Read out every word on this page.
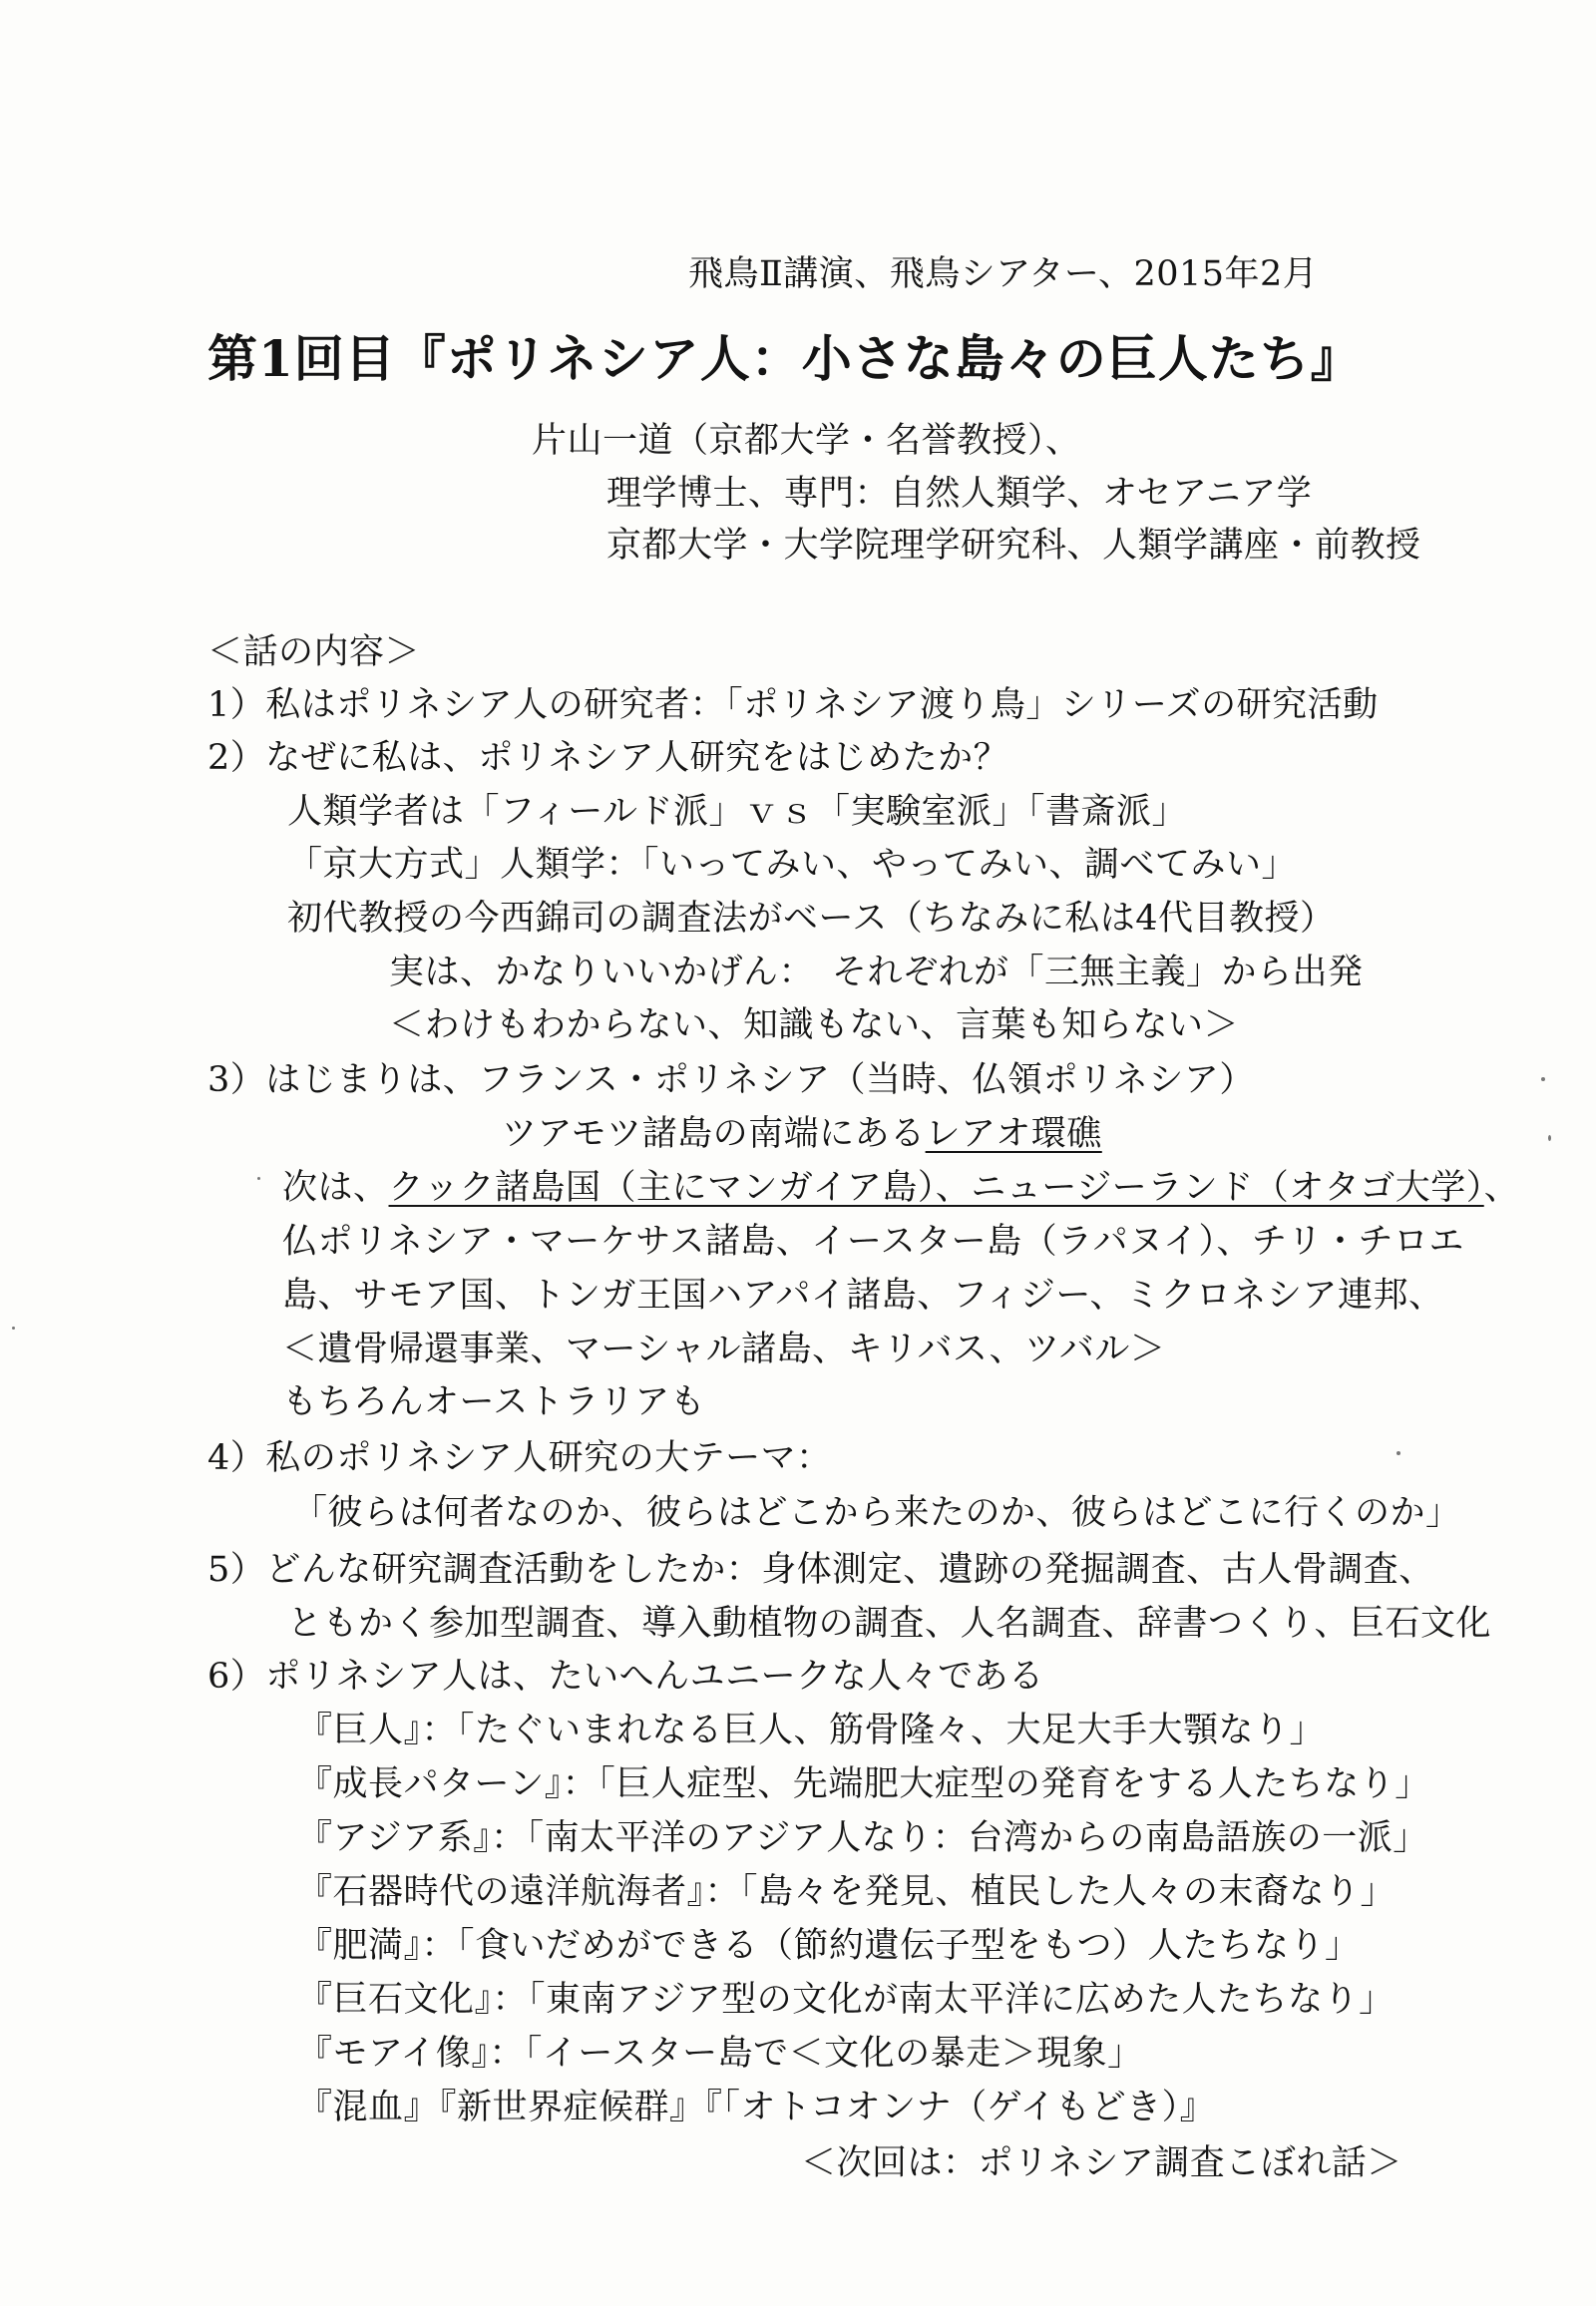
飛鳥Ⅱ講演、飛鳥シアター、2015年2月
第1回目『ポリネシア人：小さな島々の巨人たち』
片山一道（京都大学・名誉教授）、
理学博士、専門：自然人類学、オセアニア学
京都大学・大学院理学研究科、人類学講座・前教授
＜話の内容＞
1）私はポリネシア人の研究者：「ポリネシア渡り鳥」シリーズの研究活動
2）なぜに私は、ポリネシア人研究をはじめたか？
人類学者は「フィールド派」ｖｓ「実験室派」「書斎派」
「京大方式」人類学：「いってみい、やってみい、調べてみい」
初代教授の今西錦司の調査法がベース（ちなみに私は4代目教授）
実は、かなりいいかげん：　それぞれが「三無主義」から出発
＜わけもわからない、知識もない、言葉も知らない＞
3）はじまりは、フランス・ポリネシア（当時、仏領ポリネシア）
ツアモツ諸島の南端にあるレアオ環礁
次は、クック諸島国（主にマンガイア島）、ニュージーランド（オタゴ大学）、
仏ポリネシア・マーケサス諸島、イースター島（ラパヌイ）、チリ・チロエ
島、サモア国、トンガ王国ハアパイ諸島、フィジー、ミクロネシア連邦、
＜遺骨帰還事業、マーシャル諸島、キリバス、ツバル＞
もちろんオーストラリアも
4）私のポリネシア人研究の大テーマ：
「彼らは何者なのか、彼らはどこから来たのか、彼らはどこに行くのか」
5）どんな研究調査活動をしたか：身体測定、遺跡の発掘調査、古人骨調査、
ともかく参加型調査、導入動植物の調査、人名調査、辞書つくり、巨石文化
6）ポリネシア人は、たいへんユニークな人々である
『巨人』：「たぐいまれなる巨人、筋骨隆々、大足大手大顎なり」
『成長パターン』：「巨人症型、先端肥大症型の発育をする人たちなり」
『アジア系』：「南太平洋のアジア人なり：台湾からの南島語族の一派」
『石器時代の遠洋航海者』：「島々を発見、植民した人々の末裔なり」
『肥満』：「食いだめができる（節約遺伝子型をもつ）人たちなり」
『巨石文化』：「東南アジア型の文化が南太平洋に広めた人たちなり」
『モアイ像』：「イースター島で＜文化の暴走＞現象」
『混血』『新世界症候群』『「オトコオンナ（ゲイもどき）』
＜次回は：ポリネシア調査こぼれ話＞
